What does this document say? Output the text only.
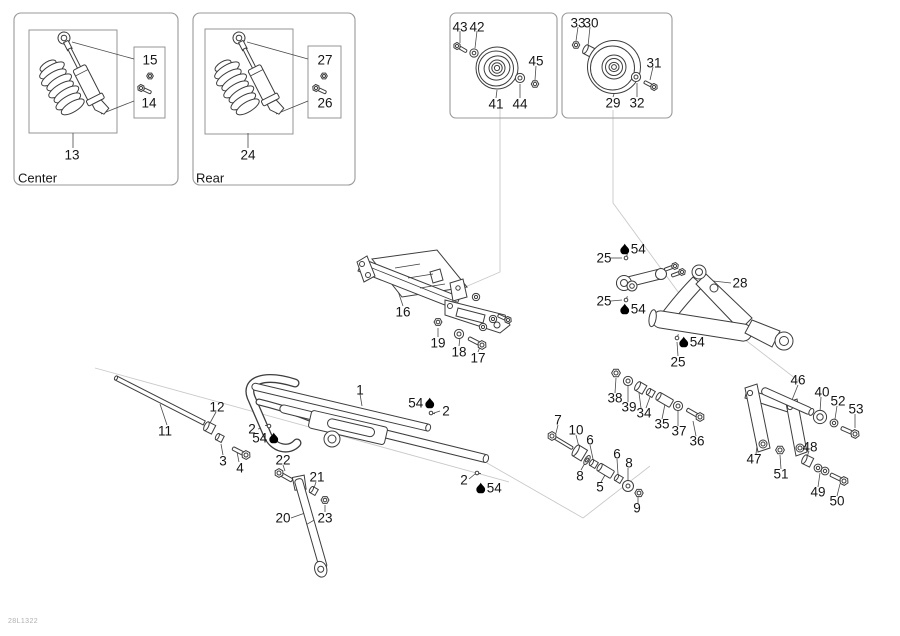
15
14
13
27
26
24
43 42
45
41 44
33
30
31
29 32
16
19
18 17
25
54
25
54
28
54
25
38
39 34
35 37
36
7
10
6
6
8
8
5
9
1
54
2
2
54
2
54
11
12
3 4
22
21
20 23
46
40
52
53
47
51
48
49
50
Center	Rear
28L1322
